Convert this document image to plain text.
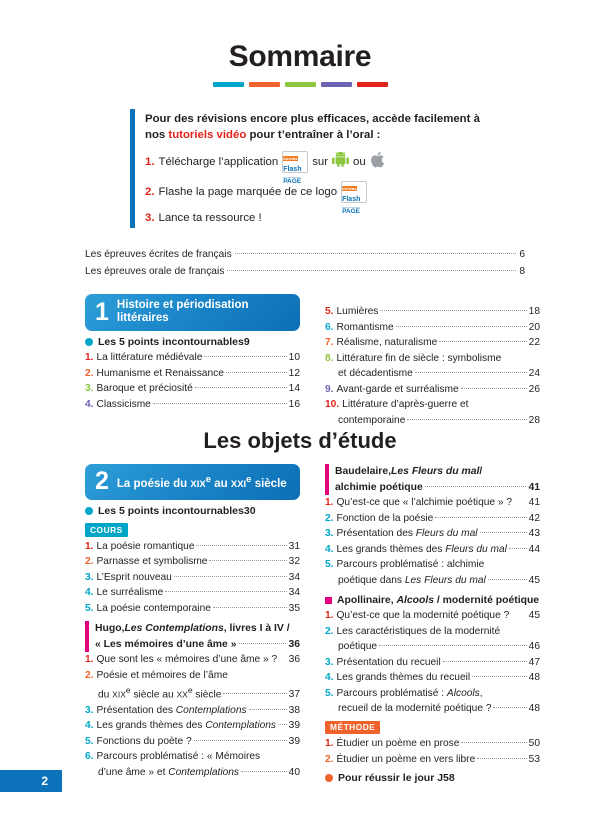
Sommaire
Pour des révisions encore plus efficaces, accède facilement à nos tutoriels vidéo pour t’entraîner à l’oral :
1. Télécharge l’application bordas Flash PAGE
sur ou
2. Flashe la page marquée de ce logo bordas Flash PAGE
3. Lance ta ressource !
Les épreuves écrites de français	6
Les épreuves orale de français	8
1 Histoire et périodisation
littéraires
Les 5 points incontournables 9
1. La littérature médiévale	10
2. Humanisme et Renaissance	12
3. Baroque et préciosité	14
4. Classicisme	16
5. Lumières	18
6. Romantisme	20
7. Réalisme, naturalisme	22
8. Littérature fin de siècle : symbolisme
et décadentisme	24
9. Avant-garde et surréalisme	26
10. Littérature d’après-guerre et
contemporaine	28
Les objets d’étude
2 La poésie du XIXe au XXIe siècle
Les 5 points incontournables 30
COURS
1. La poésie romantique	31
2. Parnasse et symbolisme	32
3. L’Esprit nouveau	34
4. Le surréalisme	34
5. La poésie contemporaine	35
Hugo, Les Contemplations , livres I à IV /
« Les mémoires d’une âme »	36
1. Que sont les « mémoires d’une âme » ? 36
2. Poésie et mémoires de l’âme
du XIXe siècle au XXe siècle	37
3. Présentation des Contemplations	38
4. Les grands thèmes des Contemplations 39
5. Fonctions du poète ?	39
6. Parcours problématisé : « Mémoires
d’une âme » et Contemplations	40
Baudelaire, Les Fleurs du mal /
alchimie poétique	41
1. Qu’est-ce que « l’alchimie poétique » ? 41
2. Fonction de la poésie	42
3. Présentation des Fleurs du mal	43
4. Les grands thèmes des Fleurs du mal 44
5. Parcours problématisé : alchimie
poétique dans Les Fleurs du mal	45
Apollinaire, Alcools / modernité poétique
1. Qu’est-ce que la modernité poétique ? 45
2. Les caractéristiques de la modernité
poétique	46
3. Présentation du recueil	47
4. Les grands thèmes du recueil	48
5. Parcours problématisé : Alcools,
recueil de la modernité poétique ?	48
MÉTHODE
1. Étudier un poème en prose	50
2. Étudier un poème en vers libre	53
Pour réussir le jour J 58
2
